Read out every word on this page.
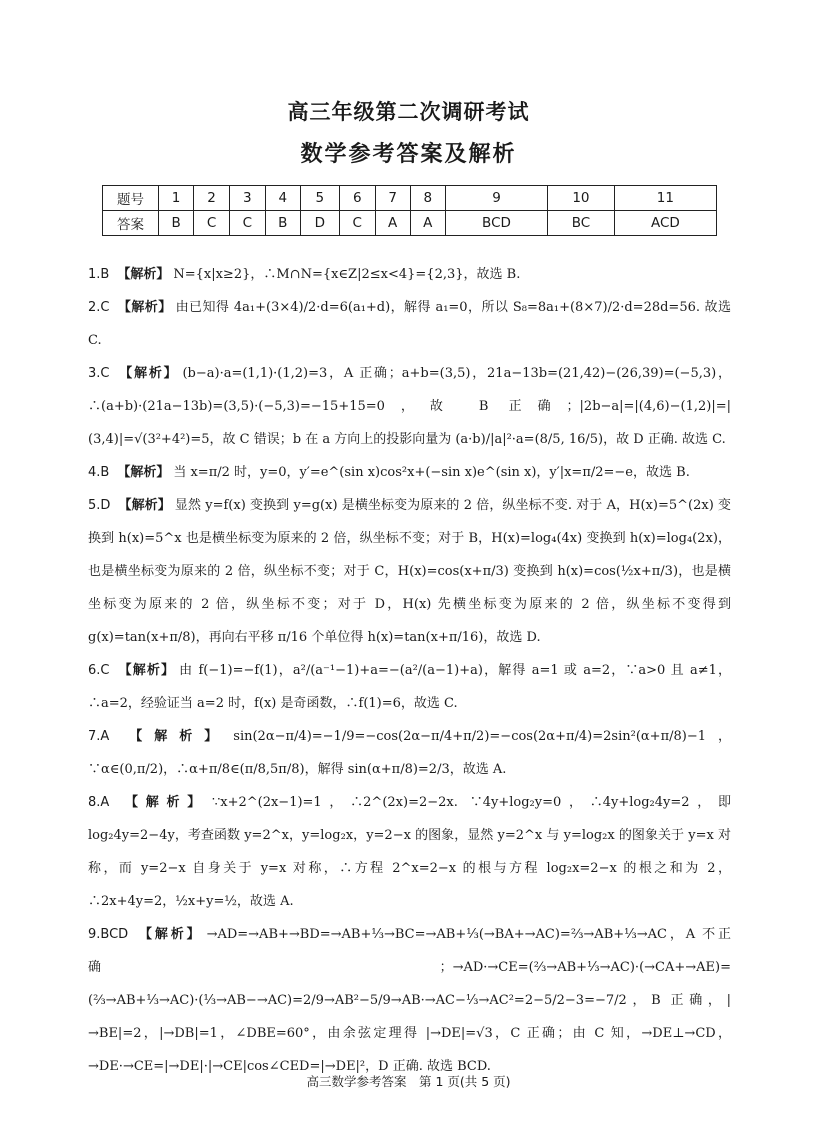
高三年级第二次调研考试
数学参考答案及解析
题号	1	2	3	4	5	6	7	8	9	10	11
答案	B	C	C	B	D	C	A	A	BCD	BC	ACD
1.B 【解析】 N={x|x≥2}，∴M∩N={x∈Z|2≤x<4}={2,3}，故选 B.
2.C 【解析】 由已知得 4a₁+(3×4)/2·d=6(a₁+d)，解得 a₁=0，所以 S₈=8a₁+(8×7)/2·d=28d=56. 故选 C.
3.C 【解析】 (b−a)·a=(1,1)·(1,2)=3，A 正确；a+b=(3,5)，21a−13b=(21,42)−(26,39)=(−5,3)，∴(a+b)·(21a−13b)=(3,5)·(−5,3)=−15+15=0，故 B 正确；|2b−a|=|(4,6)−(1,2)|=|(3,4)|=√(3²+4²)=5，故 C 错误；b 在 a 方向上的投影向量为 (a·b)/|a|²·a=(8/5, 16/5)，故 D 正确. 故选 C.
4.B 【解析】 当 x=π/2 时，y=0，y′=e^(sin x)cos²x+(−sin x)e^(sin x)，y′|x=π/2=−e，故选 B.
5.D 【解析】 显然 y=f(x) 变换到 y=g(x) 是横坐标变为原来的 2 倍，纵坐标不变. 对于 A，H(x)=5^(2x) 变换到 h(x)=5^x 也是横坐标变为原来的 2 倍，纵坐标不变；对于 B，H(x)=log₄(4x) 变换到 h(x)=log₄(2x)，也是横坐标变为原来的 2 倍，纵坐标不变；对于 C，H(x)=cos(x+π/3) 变换到 h(x)=cos(½x+π/3)，也是横坐标变为原来的 2 倍，纵坐标不变；对于 D，H(x) 先横坐标变为原来的 2 倍，纵坐标不变得到 g(x)=tan(x+π/8)，再向右平移 π/16 个单位得 h(x)=tan(x+π/16)，故选 D.
6.C 【解析】 由 f(−1)=−f(1)，a²/(a⁻¹−1)+a=−(a²/(a−1)+a)，解得 a=1 或 a=2，∵a>0 且 a≠1，∴a=2，经验证当 a=2 时，f(x) 是奇函数，∴f(1)=6，故选 C.
7.A 【解析】 sin(2α−π/4)=−1/9=−cos(2α−π/4+π/2)=−cos(2α+π/4)=2sin²(α+π/8)−1，∵α∈(0,π/2)，∴α+π/8∈(π/8,5π/8)，解得 sin(α+π/8)=2/3，故选 A.
8.A 【解析】 ∵x+2^(2x−1)=1，∴2^(2x)=2−2x. ∵4y+log₂y=0，∴4y+log₂4y=2，即 log₂4y=2−4y，考查函数 y=2^x，y=log₂x，y=2−x 的图象，显然 y=2^x 与 y=log₂x 的图象关于 y=x 对称，而 y=2−x 自身关于 y=x 对称，∴方程 2^x=2−x 的根与方程 log₂x=2−x 的根之和为 2，∴2x+4y=2，½x+y=½，故选 A.
9.BCD 【解析】 →AD=→AB+→BD=→AB+⅓→BC=→AB+⅓(→BA+→AC)=⅔→AB+⅓→AC，A 不正确；→AD·→CE=(⅔→AB+⅓→AC)·(→CA+→AE)=(⅔→AB+⅓→AC)·(⅓→AB−→AC)=2/9→AB²−5/9→AB·→AC−⅓→AC²=2−5/2−3=−7/2，B 正确，|→BE|=2，|→DB|=1，∠DBE=60°，由余弦定理得 |→DE|=√3，C 正确；由 C 知，→DE⊥→CD，→DE·→CE=|→DE|·|→CE|cos∠CED=|→DE|²，D 正确. 故选 BCD.
高三数学参考答案　第 1 页(共 5 页)
